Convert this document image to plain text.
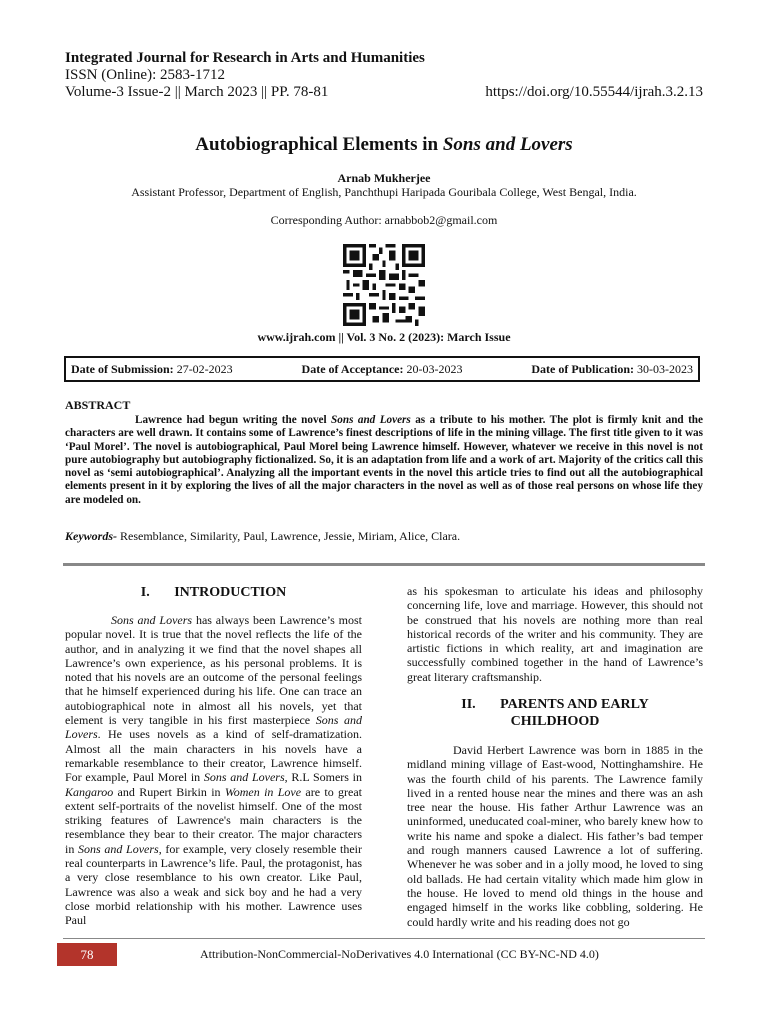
Integrated Journal for Research in Arts and Humanities
ISSN (Online): 2583-1712
Volume-3 Issue-2 || March 2023 || PP. 78-81	https://doi.org/10.55544/ijrah.3.2.13
Autobiographical Elements in Sons and Lovers
Arnab Mukherjee
Assistant Professor, Department of English, Panchthupi Haripada Gouribala College, West Bengal, India.
Corresponding Author: arnabbob2@gmail.com
www.ijrah.com || Vol. 3 No. 2 (2023): March Issue
Date of Submission: 27-02-2023	Date of Acceptance: 20-03-2023	Date of Publication: 30-03-2023
ABSTRACT
Lawrence had begun writing the novel Sons and Lovers as a tribute to his mother. The plot is firmly knit and the characters are well drawn. It contains some of Lawrence’s finest descriptions of life in the mining village. The first title given to it was ‘Paul Morel’. The novel is autobiographical, Paul Morel being Lawrence himself. However, whatever we receive in this novel is not pure autobiography but autobiography fictionalized. So, it is an adaptation from life and a work of art. Majority of the critics call this novel as ‘semi autobiographical’. Analyzing all the important events in the novel this article tries to find out all the autobiographical elements present in it by exploring the lives of all the major characters in the novel as well as of those real persons on whose life they are modeled on.
Keywords- Resemblance, Similarity, Paul, Lawrence, Jessie, Miriam, Alice, Clara.
I.       INTRODUCTION

Sons and Lovers has always been Lawrence’s most popular novel. It is true that the novel reflects the life of the author, and in analyzing it we find that the novel shapes all Lawrence’s own experience, as his personal problems. It is noted that his novels are an outcome of the personal feelings that he himself experienced during his life. One can trace an autobiographical note in almost all his novels, yet that element is very tangible in his first masterpiece Sons and Lovers. He uses novels as a kind of self-dramatization. Almost all the main characters in his novels have a remarkable resemblance to their creator, Lawrence himself. For example, Paul Morel in Sons and Lovers, R.L Somers in Kangaroo and Rupert Birkin in Women in Love are to great extent self-portraits of the novelist himself. One of the most striking features of Lawrence's main characters is the resemblance they bear to their creator. The major characters in Sons and Lovers, for example, very closely resemble their real counterparts in Lawrence’s life. Paul, the protagonist, has a very close resemblance to his own creator. Like Paul, Lawrence was also a weak and sick boy and he had a very close morbid relationship with his mother. Lawrence uses Paul

as his spokesman to articulate his ideas and philosophy concerning life, love and marriage. However, this should not be construed that his novels are nothing more than real historical records of the writer and his community. They are artistic fictions in which reality, art and imagination are successfully combined together in the hand of Lawrence’s great literary craftsmanship.

II.       PARENTS AND EARLY
CHILDHOOD

David Herbert Lawrence was born in 1885 in the midland mining village of East-wood, Nottinghamshire. He was the fourth child of his parents. The Lawrence family lived in a rented house near the mines and there was an ash tree near the house. His father Arthur Lawrence was an uninformed, uneducated coal-miner, who barely knew how to write his name and spoke a dialect. His father’s bad temper and rough manners caused Lawrence a lot of suffering. Whenever he was sober and in a jolly mood, he loved to sing old ballads. He had certain vitality which made him glow in the house. He loved to mend old things in the house and engaged himself in the works like cobbling, soldering. He could hardly write and his reading does not go

78	Attribution-NonCommercial-NoDerivatives 4.0 International (CC BY-NC-ND 4.0)
